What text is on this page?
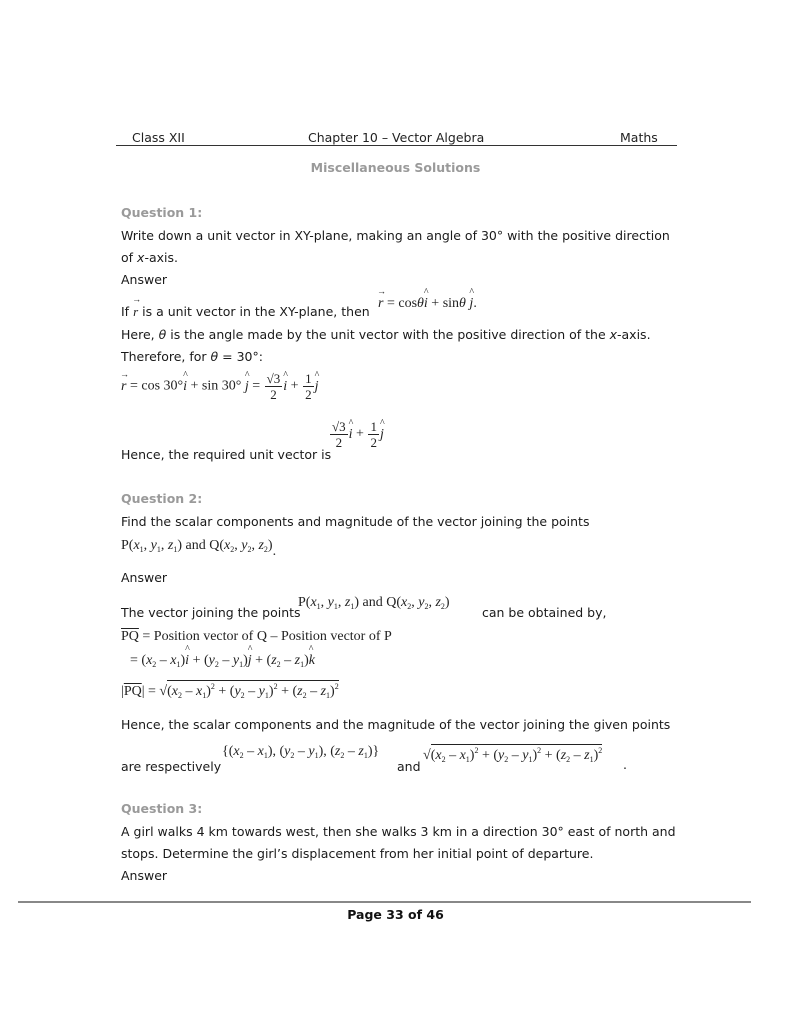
Class XII	Chapter 10 – Vector Algebra	Maths
Miscellaneous Solutions
Question 1:
Write down a unit vector in XY-plane, making an angle of 30° with the positive direction
of x-axis.
Answer
If → r is a unit vector in the XY-plane, then
→ r = cosθ^ i + sinθ ^ j.
Here, θ is the angle made by the unit vector with the positive direction of the x-axis.
Therefore, for θ = 30°:
→ r = cos 30°^ i + sin 30° ^ $j = \frac{√3}{2}$ ^ $i + \frac{1}{2}$ ^ j
Hence, the required unit vector is
$\frac{√3}{2}$ ^ $i + \frac{1}{2}$ ^ j
Question 2:
Find the scalar components and magnitude of the vector joining the points
$P(x_1$, $y_1$, $z_1$) and $Q(x_2$, $y_2$, $z_2$).
Answer
The vector joining the points
$P(x_1$, $y_1$, $z_1$) and $Q(x_2$, $y_2$, $z_2$)
can be obtained by,
$\overline{PQ}$ = Position vector of Q – Position vector of P
= ($x_2$ – $x_1)\^{}$ $i + (y_2$ – $y_1)\^{}$ $j + (z_2$ – $z_1)\^{}$ k
$|\overline{PQ}| = √(x_2 - x_1)^2 + (y_2 - y_1)^2 + (z_2 - z_1)^2$
Hence, the scalar components and the magnitude of the vector joining the given points
are respectively
{$(x_2 - x_1)$, $(y_2 - y_1)$, $(z_2 - z_1)$}
and
$√(x_2 - x_1)^2 + (y_2 - y_1)^2 + (z_2 - z_1)^2$
.
Question 3:
A girl walks 4 km towards west, then she walks 3 km in a direction 30° east of north and
stops. Determine the girl’s displacement from her initial point of departure.
Answer
Page 33 of 46
